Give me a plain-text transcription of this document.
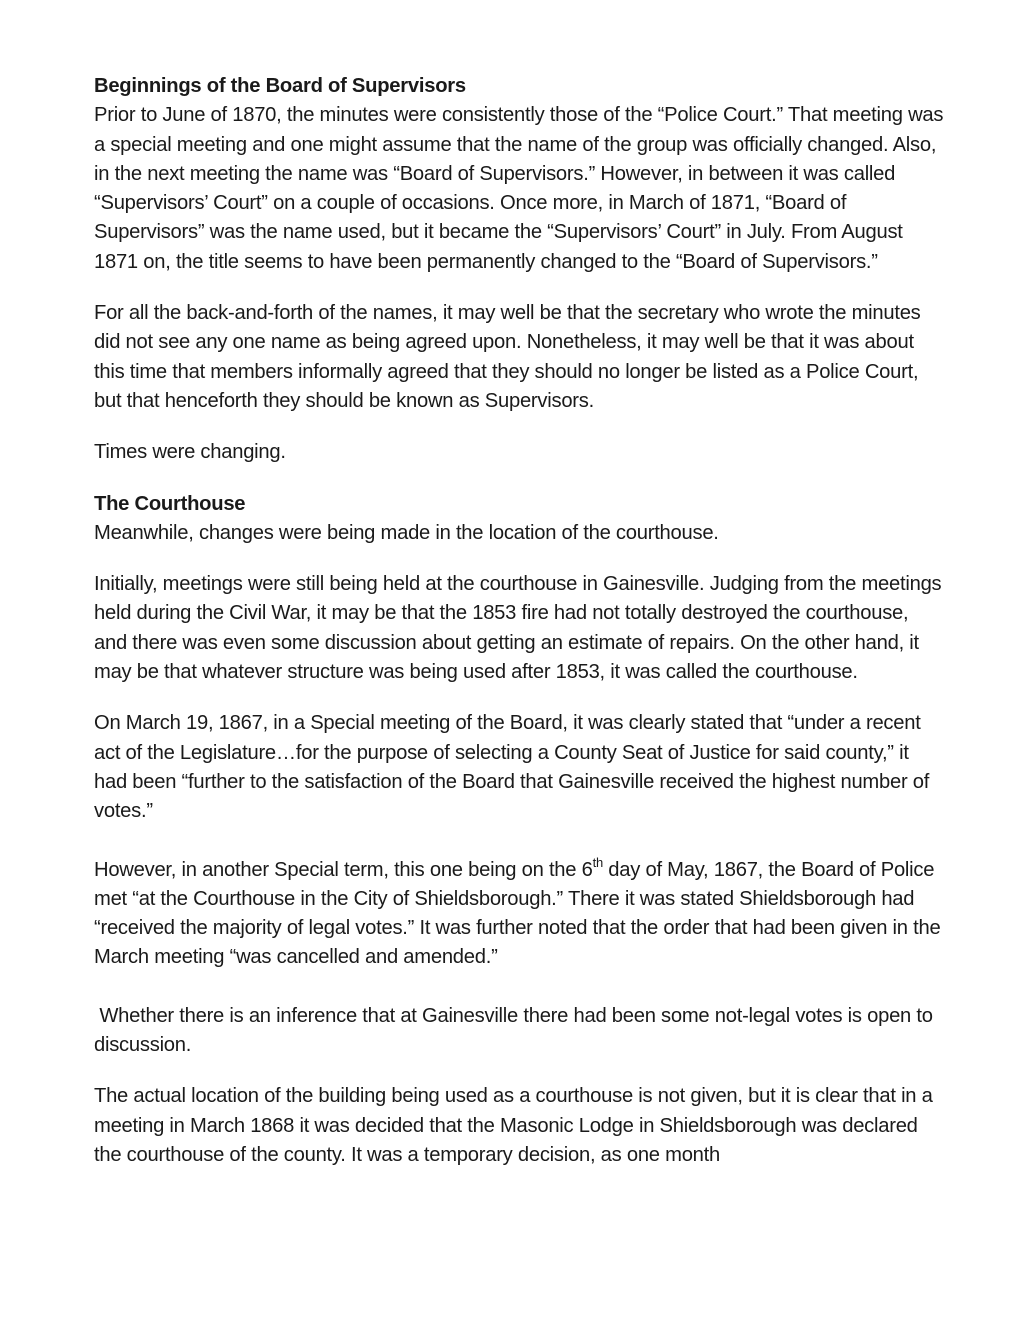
Beginnings of the Board of Supervisors
Prior to June of 1870, the minutes were consistently those of the “Police Court.” That meeting was a special meeting and one might assume that the name of the group was officially changed. Also, in the next meeting the name was “Board of Supervisors.” However, in between it was called “Supervisors’ Court” on a couple of occasions. Once more, in March of 1871, “Board of Supervisors” was the name used, but it became the “Supervisors’ Court” in July. From August 1871 on, the title seems to have been permanently changed to the “Board of Supervisors.”
For all the back-and-forth of the names, it may well be that the secretary who wrote the minutes did not see any one name as being agreed upon. Nonetheless, it may well be that it was about this time that members informally agreed that they should no longer be listed as a Police Court, but that henceforth they should be known as Supervisors.
Times were changing.
The Courthouse
Meanwhile, changes were being made in the location of the courthouse.
Initially, meetings were still being held at the courthouse in Gainesville. Judging from the meetings held during the Civil War, it may be that the 1853 fire had not totally destroyed the courthouse, and there was even some discussion about getting an estimate of repairs. On the other hand, it may be that whatever structure was being used after 1853, it was called the courthouse.
On March 19, 1867, in a Special meeting of the Board, it was clearly stated that “under a recent act of the Legislature…for the purpose of selecting a County Seat of Justice for said county,” it had been “further to the satisfaction of the Board that Gainesville received the highest number of votes.”
However, in another Special term, this one being on the 6th day of May, 1867, the Board of Police met “at the Courthouse in the City of Shieldsborough.” There it was stated Shieldsborough had “received the majority of legal votes.” It was further noted that the order that had been given in the March meeting “was cancelled and amended.”
Whether there is an inference that at Gainesville there had been some not-legal votes is open to discussion.
The actual location of the building being used as a courthouse is not given, but it is clear that in a meeting in March 1868 it was decided that the Masonic Lodge in Shieldsborough was declared the courthouse of the county. It was a temporary decision, as one month
